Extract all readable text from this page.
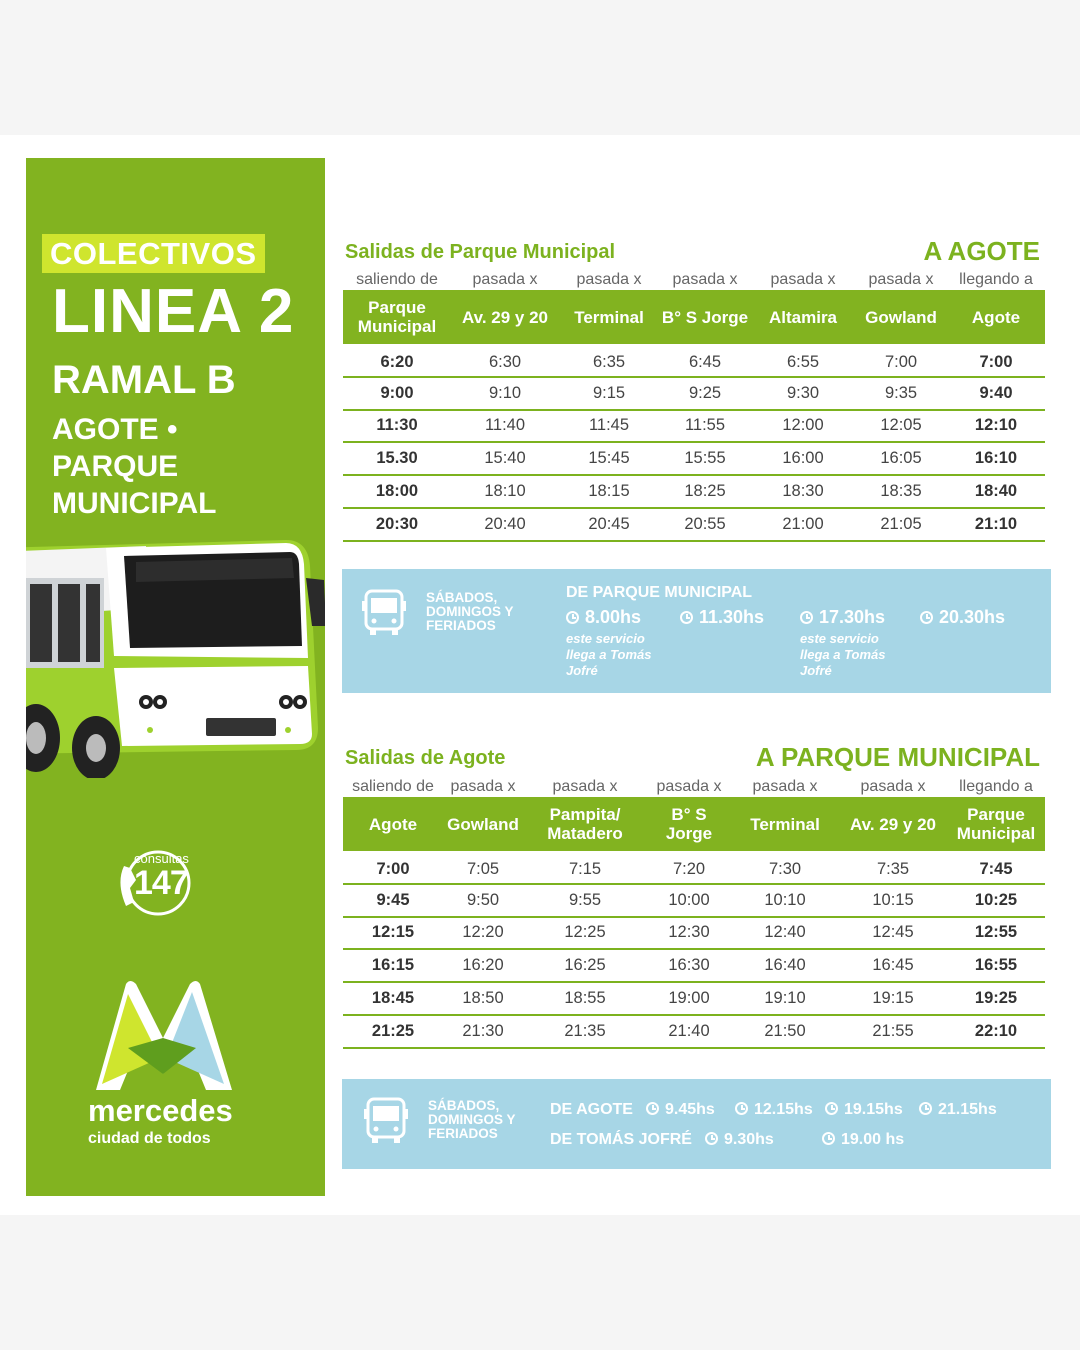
COLECTIVOS
LINEA 2
RAMAL B
AGOTE •
PARQUE
MUNICIPAL
consultas
147
mercedes
ciudad de todos
Salidas de Parque Municipal	A AGOTE
saliendo de	pasada x	pasada x	pasada x	pasada x	pasada x	llegando a
Parque Municipal	Av. 29 y 20	Terminal	B° S Jorge	Altamira	Gowland	Agote
6:20	6:30	6:35	6:45	6:55	7:00	7:00
9:00	9:10	9:15	9:25	9:30	9:35	9:40
11:30	11:40	11:45	11:55	12:00	12:05	12:10
15.30	15:40	15:45	15:55	16:00	16:05	16:10
18:00	18:10	18:15	18:25	18:30	18:35	18:40
20:30	20:40	20:45	20:55	21:00	21:05	21:10
SÁBADOS, DOMINGOS Y FERIADOS
DE PARQUE MUNICIPAL
8.00hs	11.30hs	17.30hs	20.30hs
este servicio llega a Tomás Jofré
este servicio llega a Tomás Jofré
Salidas de Agote	A PARQUE MUNICIPAL
saliendo de	pasada x	pasada x	pasada x	pasada x	pasada x	llegando a
Agote	Gowland	Pampita/ Matadero	B° S Jorge	Terminal	Av. 29 y 20	Parque Municipal
7:00	7:05	7:15	7:20	7:30	7:35	7:45
9:45	9:50	9:55	10:00	10:10	10:15	10:25
12:15	12:20	12:25	12:30	12:40	12:45	12:55
16:15	16:20	16:25	16:30	16:40	16:45	16:55
18:45	18:50	18:55	19:00	19:10	19:15	19:25
21:25	21:30	21:35	21:40	21:50	21:55	22:10
SÁBADOS, DOMINGOS Y FERIADOS
DE AGOTE	9.45hs	12.15hs	19.15hs	21.15hs
DE TOMÁS JOFRÉ	9.30hs	19.00 hs
